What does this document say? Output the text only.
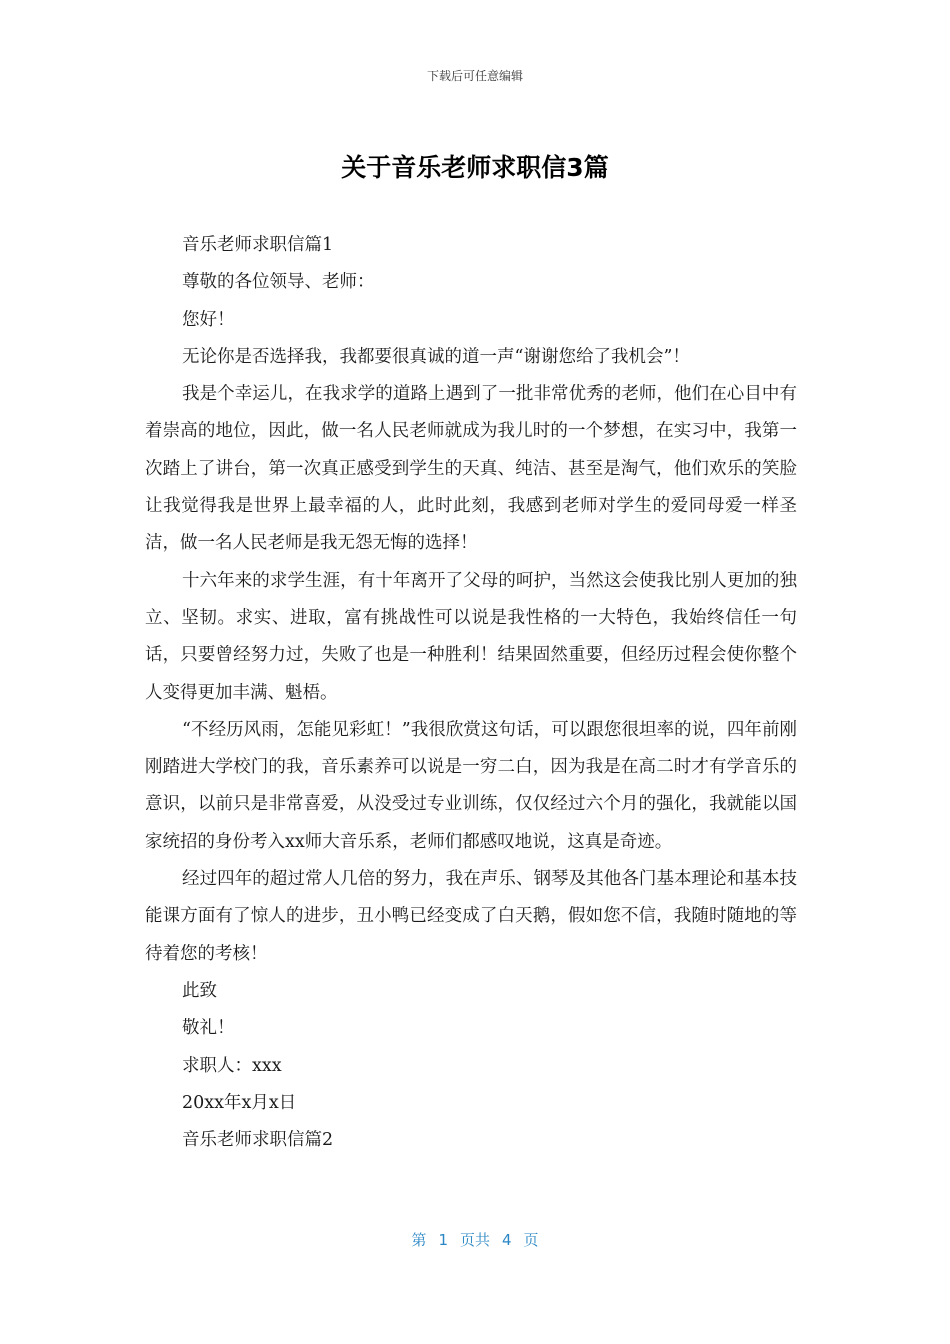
下载后可任意编辑
关于音乐老师求职信3篇

音乐老师求职信篇1

尊敬的各位领导、老师：

您好！

无论你是否选择我，我都要很真诚的道一声“谢谢您给了我机会”！

我是个幸运儿，在我求学的道路上遇到了一批非常优秀的老师，他们在心目中有着崇高的地位，因此，做一名人民老师就成为我儿时的一个梦想，在实习中，我第一次踏上了讲台，第一次真正感受到学生的天真、纯洁、甚至是淘气，他们欢乐的笑脸让我觉得我是世界上最幸福的人，此时此刻，我感到老师对学生的爱同母爱一样圣洁，做一名人民老师是我无怨无悔的选择！

十六年来的求学生涯，有十年离开了父母的呵护，当然这会使我比别人更加的独立、坚韧。求实、进取，富有挑战性可以说是我性格的一大特色，我始终信任一句话，只要曾经努力过，失败了也是一种胜利！结果固然重要，但经历过程会使你整个人变得更加丰满、魁梧。

“不经历风雨，怎能见彩虹！”我很欣赏这句话，可以跟您很坦率的说，四年前刚刚踏进大学校门的我，音乐素养可以说是一穷二白，因为我是在高二时才有学音乐的意识，以前只是非常喜爱，从没受过专业训练，仅仅经过六个月的强化，我就能以国家统招的身份考入xx师大音乐系，老师们都感叹地说，这真是奇迹。

经过四年的超过常人几倍的努力，我在声乐、钢琴及其他各门基本理论和基本技能课方面有了惊人的进步，丑小鸭已经变成了白天鹅，假如您不信，我随时随地的等待着您的考核！

此致

敬礼！

求职人：xxx

20xx年x月x日

音乐老师求职信篇2

第 1 页共 4 页
